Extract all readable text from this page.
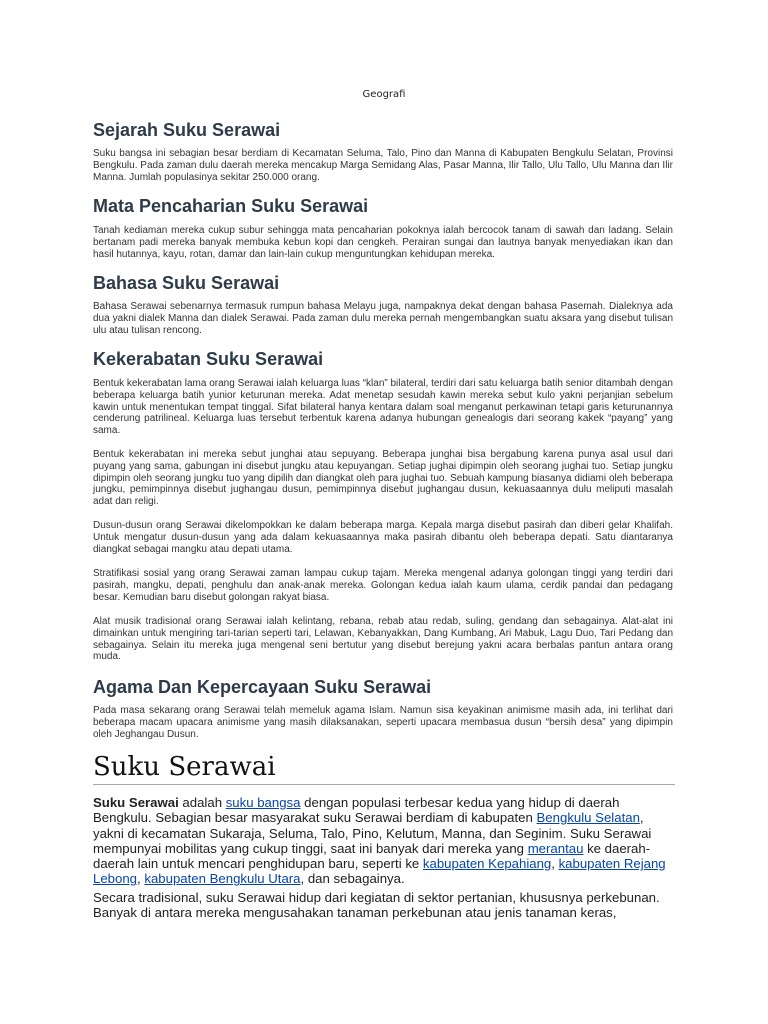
Geografi
Sejarah Suku Serawai

Suku bangsa ini sebagian besar berdiam di Kecamatan Seluma, Talo, Pino dan Manna di Kabupaten Bengkulu Selatan, Provinsi Bengkulu. Pada zaman dulu daerah mereka mencakup Marga Semidang Alas, Pasar Manna, Ilir Tallo, Ulu Tallo, Ulu Manna dan Ilir Manna. Jumlah populasinya sekitar 250.000 orang.

Mata Pencaharian Suku Serawai

Tanah kediaman mereka cukup subur sehingga mata pencaharian pokoknya ialah bercocok tanam di sawah dan ladang. Selain bertanam padi mereka banyak membuka kebun kopi dan cengkeh. Perairan sungai dan lautnya banyak menyediakan ikan dan hasil hutannya, kayu, rotan, damar dan lain-lain cukup menguntungkan kehidupan mereka.

Bahasa Suku Serawai

Bahasa Serawai sebenarnya termasuk rumpun bahasa Melayu juga, nampaknya dekat dengan bahasa Pasemah. Dialeknya ada dua yakni dialek Manna dan dialek Serawai. Pada zaman dulu mereka pernah mengembangkan suatu aksara yang disebut tulisan ulu atau tulisan rencong.

Kekerabatan Suku Serawai

Bentuk kekerabatan lama orang Serawai ialah keluarga luas “klan” bilateral, terdiri dari satu keluarga batih senior ditambah dengan beberapa keluarga batih yunior keturunan mereka. Adat menetap sesudah kawin mereka sebut kulo yakni perjanjian sebelum kawin untuk menentukan tempat tinggal. Sifat bilateral hanya kentara dalam soal menganut perkawinan tetapi garis keturunannya cenderung patrilineal. Keluarga luas tersebut terbentuk karena adanya hubungan genealogis dari seorang kakek “payang” yang sama.

Bentuk kekerabatan ini mereka sebut junghai atau sepuyang. Beberapa junghai bisa bergabung karena punya asal usul dari puyang yang sama, gabungan ini disebut jungku atau kepuyangan. Setiap jughai dipimpin oleh seorang jughai tuo. Setiap jungku dipimpin oleh seorang jungku tuo yang dipilih dan diangkat oleh para jughai tuo. Sebuah kampung biasanya didiami oleh beberapa jungku, pemimpinnya disebut jughangau dusun, pemimpinnya disebut jughangau dusun, kekuasaannya dulu meliputi masalah adat dan religi.

Dusun-dusun orang Serawai dikelompokkan ke dalam beberapa marga. Kepala marga disebut pasirah dan diberi gelar Khalifah. Untuk mengatur dusun-dusun yang ada dalam kekuasaannya maka pasirah dibantu oleh beberapa depati. Satu diantaranya diangkat sebagai mangku atau depati utama.

Stratifikasi sosial yang orang Serawai zaman lampau cukup tajam. Mereka mengenal adanya golongan tinggi yang terdiri dari pasirah, mangku, depati, penghulu dan anak-anak mereka. Golongan kedua ialah kaum ulama, cerdik pandai dan pedagang besar. Kemudian baru disebut golongan rakyat biasa.

Alat musik tradisional orang Serawai ialah kelintang, rebana, rebab atau redab, suling, gendang dan sebagainya. Alat-alat ini dimainkan untuk mengiring tari-tarian seperti tari, Lelawan, Kebanyakkan, Dang Kumbang, Ari Mabuk, Lagu Duo, Tari Pedang dan sebagainya. Selain itu mereka juga mengenal seni bertutur yang disebut berejung yakni acara berbalas pantun antara orang muda.

Agama Dan Kepercayaan Suku Serawai

Pada masa sekarang orang Serawai telah memeluk agama Islam. Namun sisa keyakinan animisme masih ada, ini terlihat dari beberapa macam upacara animisme yang masih dilaksanakan, seperti upacara membasua dusun “bersih desa” yang dipimpin oleh Jeghangau Dusun.

Suku Serawai

Suku Serawai adalah suku bangsa dengan populasi terbesar kedua yang hidup di daerah Bengkulu. Sebagian besar masyarakat suku Serawai berdiam di kabupaten Bengkulu Selatan, yakni di kecamatan Sukaraja, Seluma, Talo, Pino, Kelutum, Manna, dan Seginim. Suku Serawai mempunyai mobilitas yang cukup tinggi, saat ini banyak dari mereka yang merantau ke daerah-daerah lain untuk mencari penghidupan baru, seperti ke kabupaten Kepahiang, kabupaten Rejang Lebong, kabupaten Bengkulu Utara, dan sebagainya.

Secara tradisional, suku Serawai hidup dari kegiatan di sektor pertanian, khususnya perkebunan. Banyak di antara mereka mengusahakan tanaman perkebunan atau jenis tanaman keras,
